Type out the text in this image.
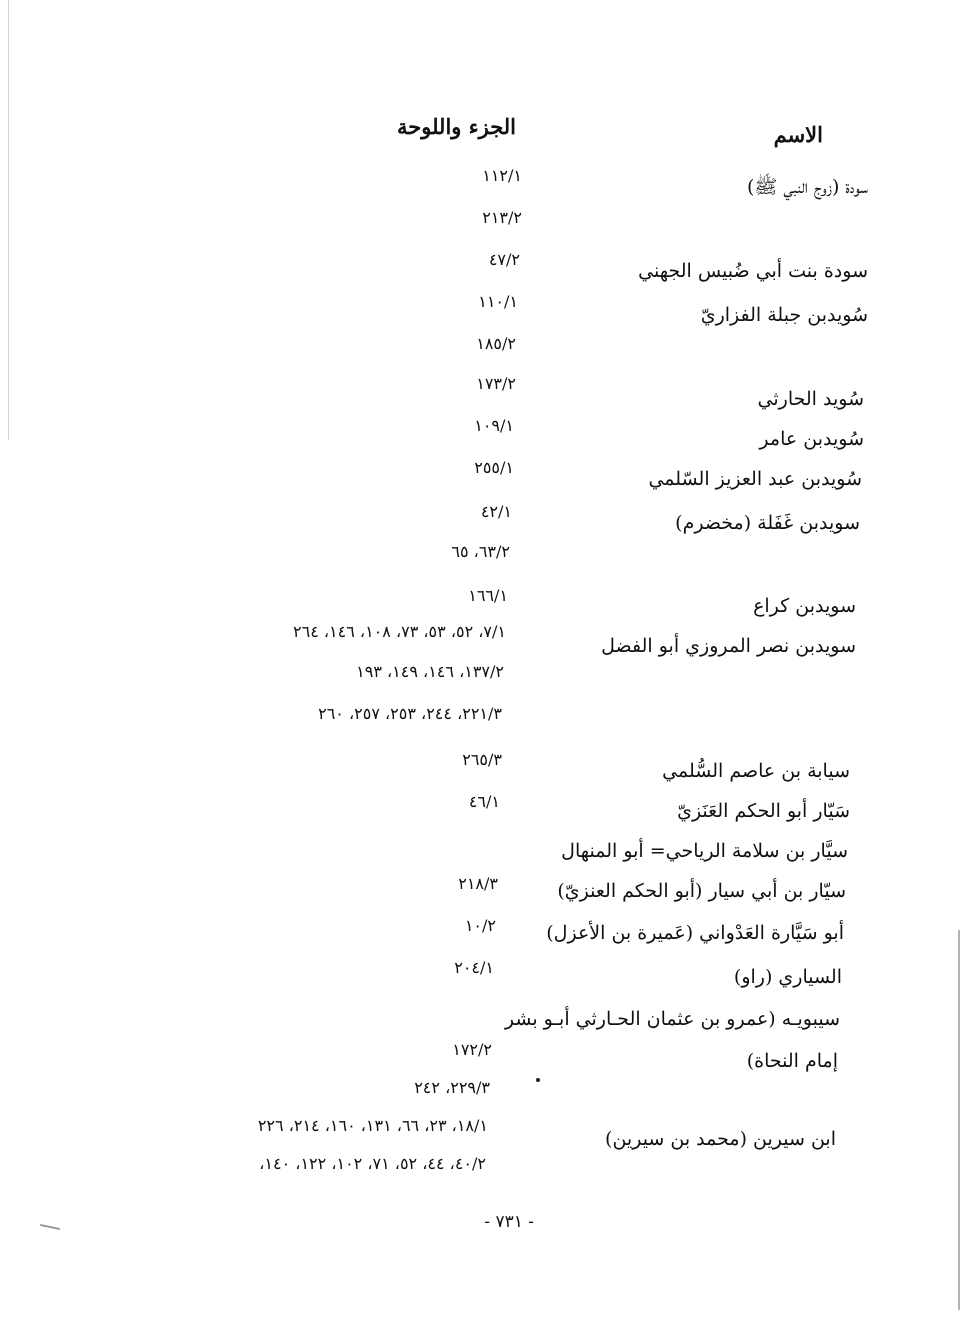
الاسم
الجزء واللوحة
سودة (زوج النبي ﷺ)
سودة بنت أبي ضُبيس الجهني
سُويدبن جبلة الفزاريّ
سُويد الحارثي
سُويدبن عامر
سُويدبن عبد العزيز السّلمي
سويدبن غَفَلة (مخضرم)
سويدبن كراع
سويدبن نصر المروزي أبو الفضل
سيابة بن عاصم السُّلمي
سَيّار أبو الحكم العَنَزيّ
سيَّار بن سلامة الرياحي= أبو المنهال
سيّار بن أبي سيار (أبو الحكم العنزيّ)
أبو سَيَّارة العَدْواني (عَميرة بن الأعزل)
السياري (راو)
سيبويـه (عمرو بن عثمان الحـارثي أبـو بشر
إمام النحاة)
ابن سيرين (محمد بن سيرين)
١١٢/١
٢١٣/٢
٤٧/٢
١١٠/١
١٨٥/٢
١٧٣/٢
١٠٩/١
٢٥٥/١
٤٢/١
٦٣/٢، ٦٥
١٦٦/١
٧/١، ٥٢، ٥٣، ٧٣، ١٠٨، ١٤٦، ٢٦٤
١٣٧/٢، ١٤٦، ١٤٩، ١٩٣
٢٢١/٣، ٢٤٤، ٢٥٣، ٢٥٧، ٢٦٠
٢٦٥/٣
٤٦/١
٢١٨/٣
١٠/٢
٢٠٤/١
١٧٢/٢
٢٢٩/٣، ٢٤٢
١٨/١، ٢٣، ٦٦، ١٣١، ١٦٠، ٢١٤، ٢٢٦
٤٠/٢، ٤٤، ٥٢، ٧١، ١٠٢، ١٢٢، ١٤٠،
- ٧٣١ -
